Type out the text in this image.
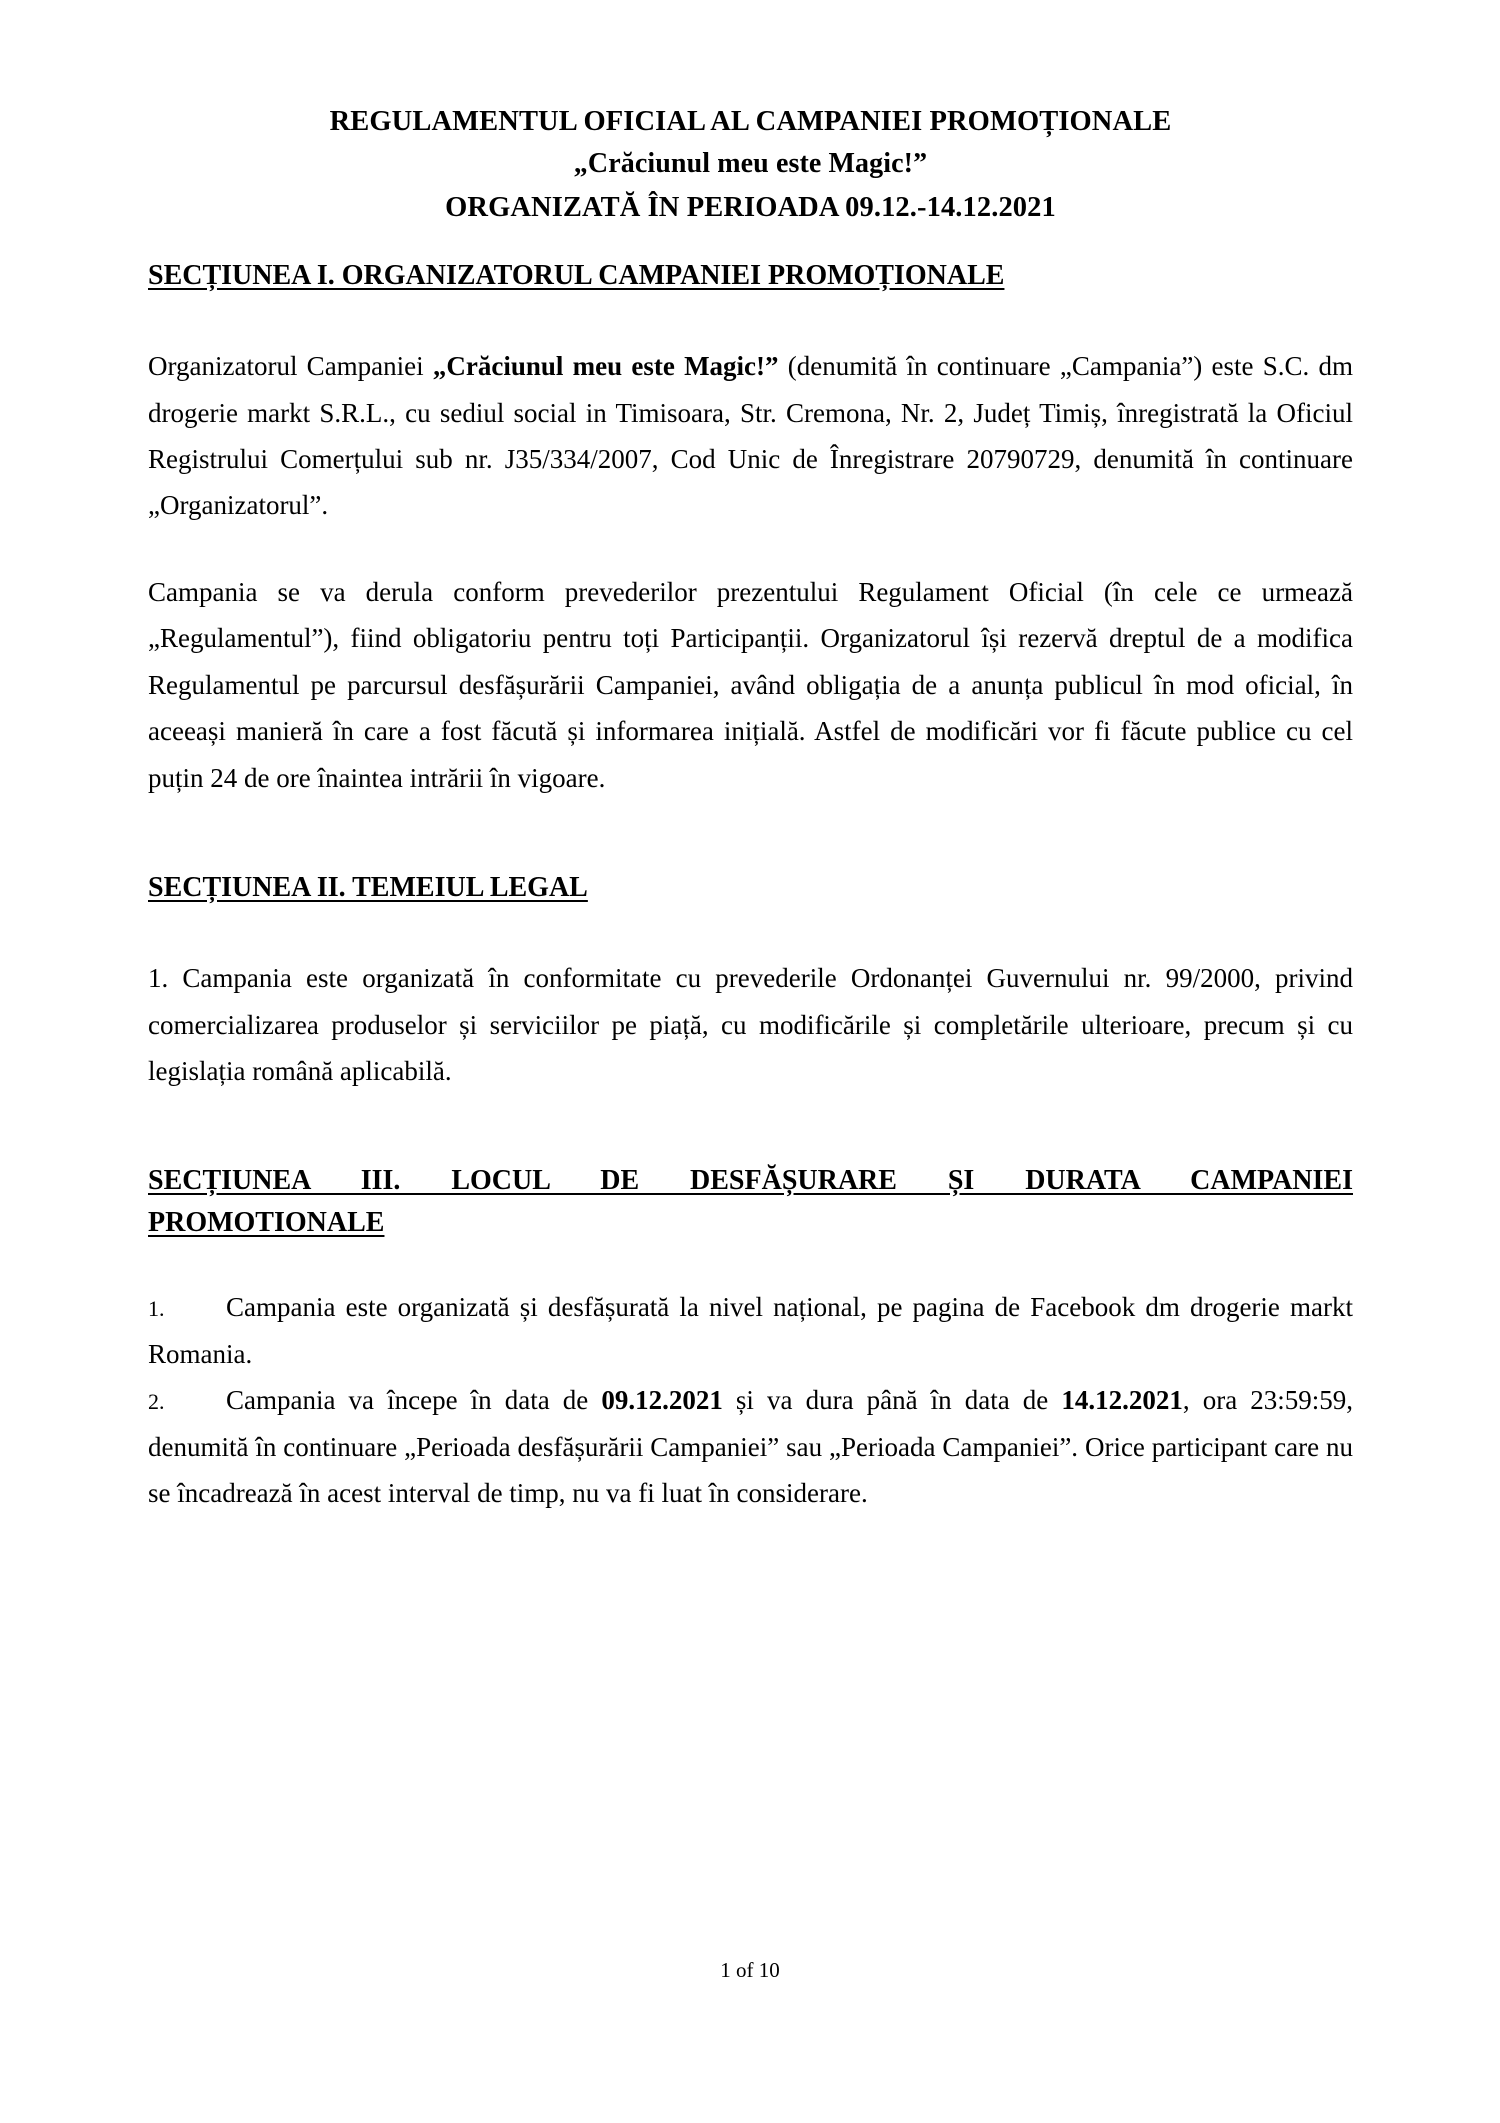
REGULAMENTUL OFICIAL AL CAMPANIEI PROMOȚIONALE
„Crăciunul meu este Magic!”
ORGANIZATĂ ÎN PERIOADA 09.12.-14.12.2021
SECȚIUNEA I. ORGANIZATORUL CAMPANIEI PROMOȚIONALE

Organizatorul Campaniei „Crăciunul meu este Magic!” (denumită în continuare „Campania”) este S.C. dm drogerie markt S.R.L., cu sediul social in Timisoara, Str. Cremona, Nr. 2, Județ Timiș, înregistrată la Oficiul Registrului Comerțului sub nr. J35/334/2007, Cod Unic de Înregistrare 20790729, denumită în continuare „Organizatorul”.

Campania se va derula conform prevederilor prezentului Regulament Oficial (în cele ce urmează „Regulamentul”), fiind obligatoriu pentru toți Participanții. Organizatorul își rezervă dreptul de a modifica Regulamentul pe parcursul desfășurării Campaniei, având obligația de a anunța publicul în mod oficial, în aceeași manieră în care a fost făcută și informarea inițială. Astfel de modificări vor fi făcute publice cu cel puțin 24 de ore înaintea intrării în vigoare.

SECȚIUNEA II. TEMEIUL LEGAL

1. Campania este organizată în conformitate cu prevederile Ordonanței Guvernului nr. 99/2000, privind comercializarea produselor și serviciilor pe piață, cu modificările și completările ulterioare, precum și cu legislația română aplicabilă.

SECȚIUNEA III. LOCUL DE DESFĂȘURARE ȘI DURATA CAMPANIEI
PROMOTIONALE

1. Campania este organizată și desfășurată la nivel național, pe pagina de Facebook dm drogerie markt Romania.

2. Campania va începe în data de 09.12.2021 și va dura până în data de 14.12.2021, ora 23:59:59, denumită în continuare „Perioada desfășurării Campaniei” sau „Perioada Campaniei”. Orice participant care nu se încadrează în acest interval de timp, nu va fi luat în considerare.

1 of 10
